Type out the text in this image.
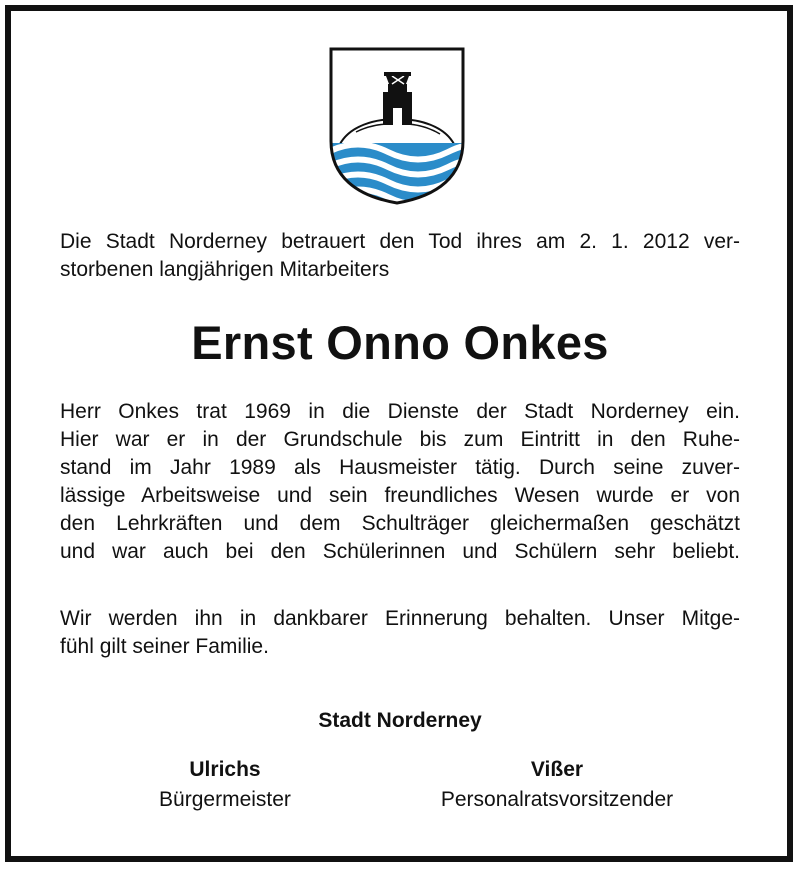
Die Stadt Norderney betrauert den Tod ihres am 2. 1. 2012 ver-
storbenen langjährigen Mitarbeiters
Ernst Onno Onkes
Herr Onkes trat 1969 in die Dienste der Stadt Norderney ein.
Hier war er in der Grundschule bis zum Eintritt in den Ruhe-
stand im Jahr 1989 als Hausmeister tätig. Durch seine zuver-
lässige Arbeitsweise und sein freundliches Wesen wurde er von
den Lehrkräften und dem Schulträger gleichermaßen geschätzt
und war auch bei den Schülerinnen und Schülern sehr beliebt.
Wir werden ihn in dankbarer Erinnerung behalten. Unser Mitge-
fühl gilt seiner Familie.
Stadt Norderney
Ulrichs
Bürgermeister
Vißer
Personalratsvorsitzender
